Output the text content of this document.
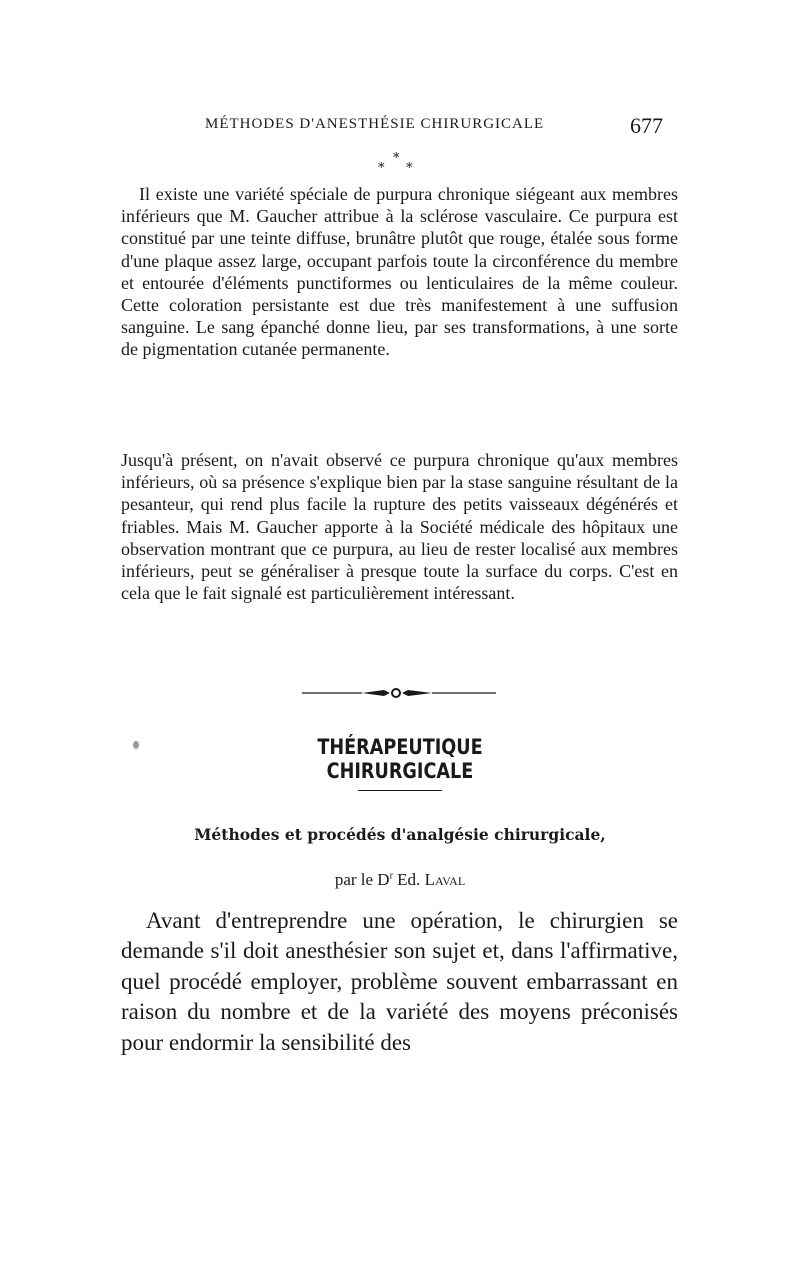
MÉTHODES D'ANESTHÉSIE CHIRURGICALE	677
*
* *

Il existe une variété spéciale de purpura chronique siégeant aux membres inférieurs que M. Gaucher attribue à la sclérose vasculaire. Ce purpura est constitué par une teinte diffuse, brunâtre plutôt que rouge, étalée sous forme d'une plaque assez large, occupant parfois toute la circonférence du membre et entourée d'éléments punctiformes ou lenticulaires de la même couleur. Cette coloration persistante est due très manifestement à une suffusion sanguine. Le sang épanché donne lieu, par ses transformations, à une sorte de pigmentation cutanée permanente.

Jusqu'à présent, on n'avait observé ce purpura chronique qu'aux membres inférieurs, où sa présence s'explique bien par la stase sanguine résultant de la pesanteur, qui rend plus facile la rupture des petits vaisseaux dégénérés et friables. Mais M. Gaucher apporte à la Société médicale des hôpitaux une observation montrant que ce purpura, au lieu de rester localisé aux membres inférieurs, peut se généraliser à presque toute la surface du corps. C'est en cela que le fait signalé est particulièrement intéressant.

THÉRAPEUTIQUE CHIRURGICALE
Méthodes et procédés d'analgésie chirurgicale,
par le $D^r$ Ed. Laval

Avant d'entreprendre une opération, le chirurgien se demande s'il doit anesthésier son sujet et, dans l'affirmative, quel procédé employer, problème souvent embarrassant en raison du nombre et de la variété des moyens préconisés pour endormir la sensibilité des
